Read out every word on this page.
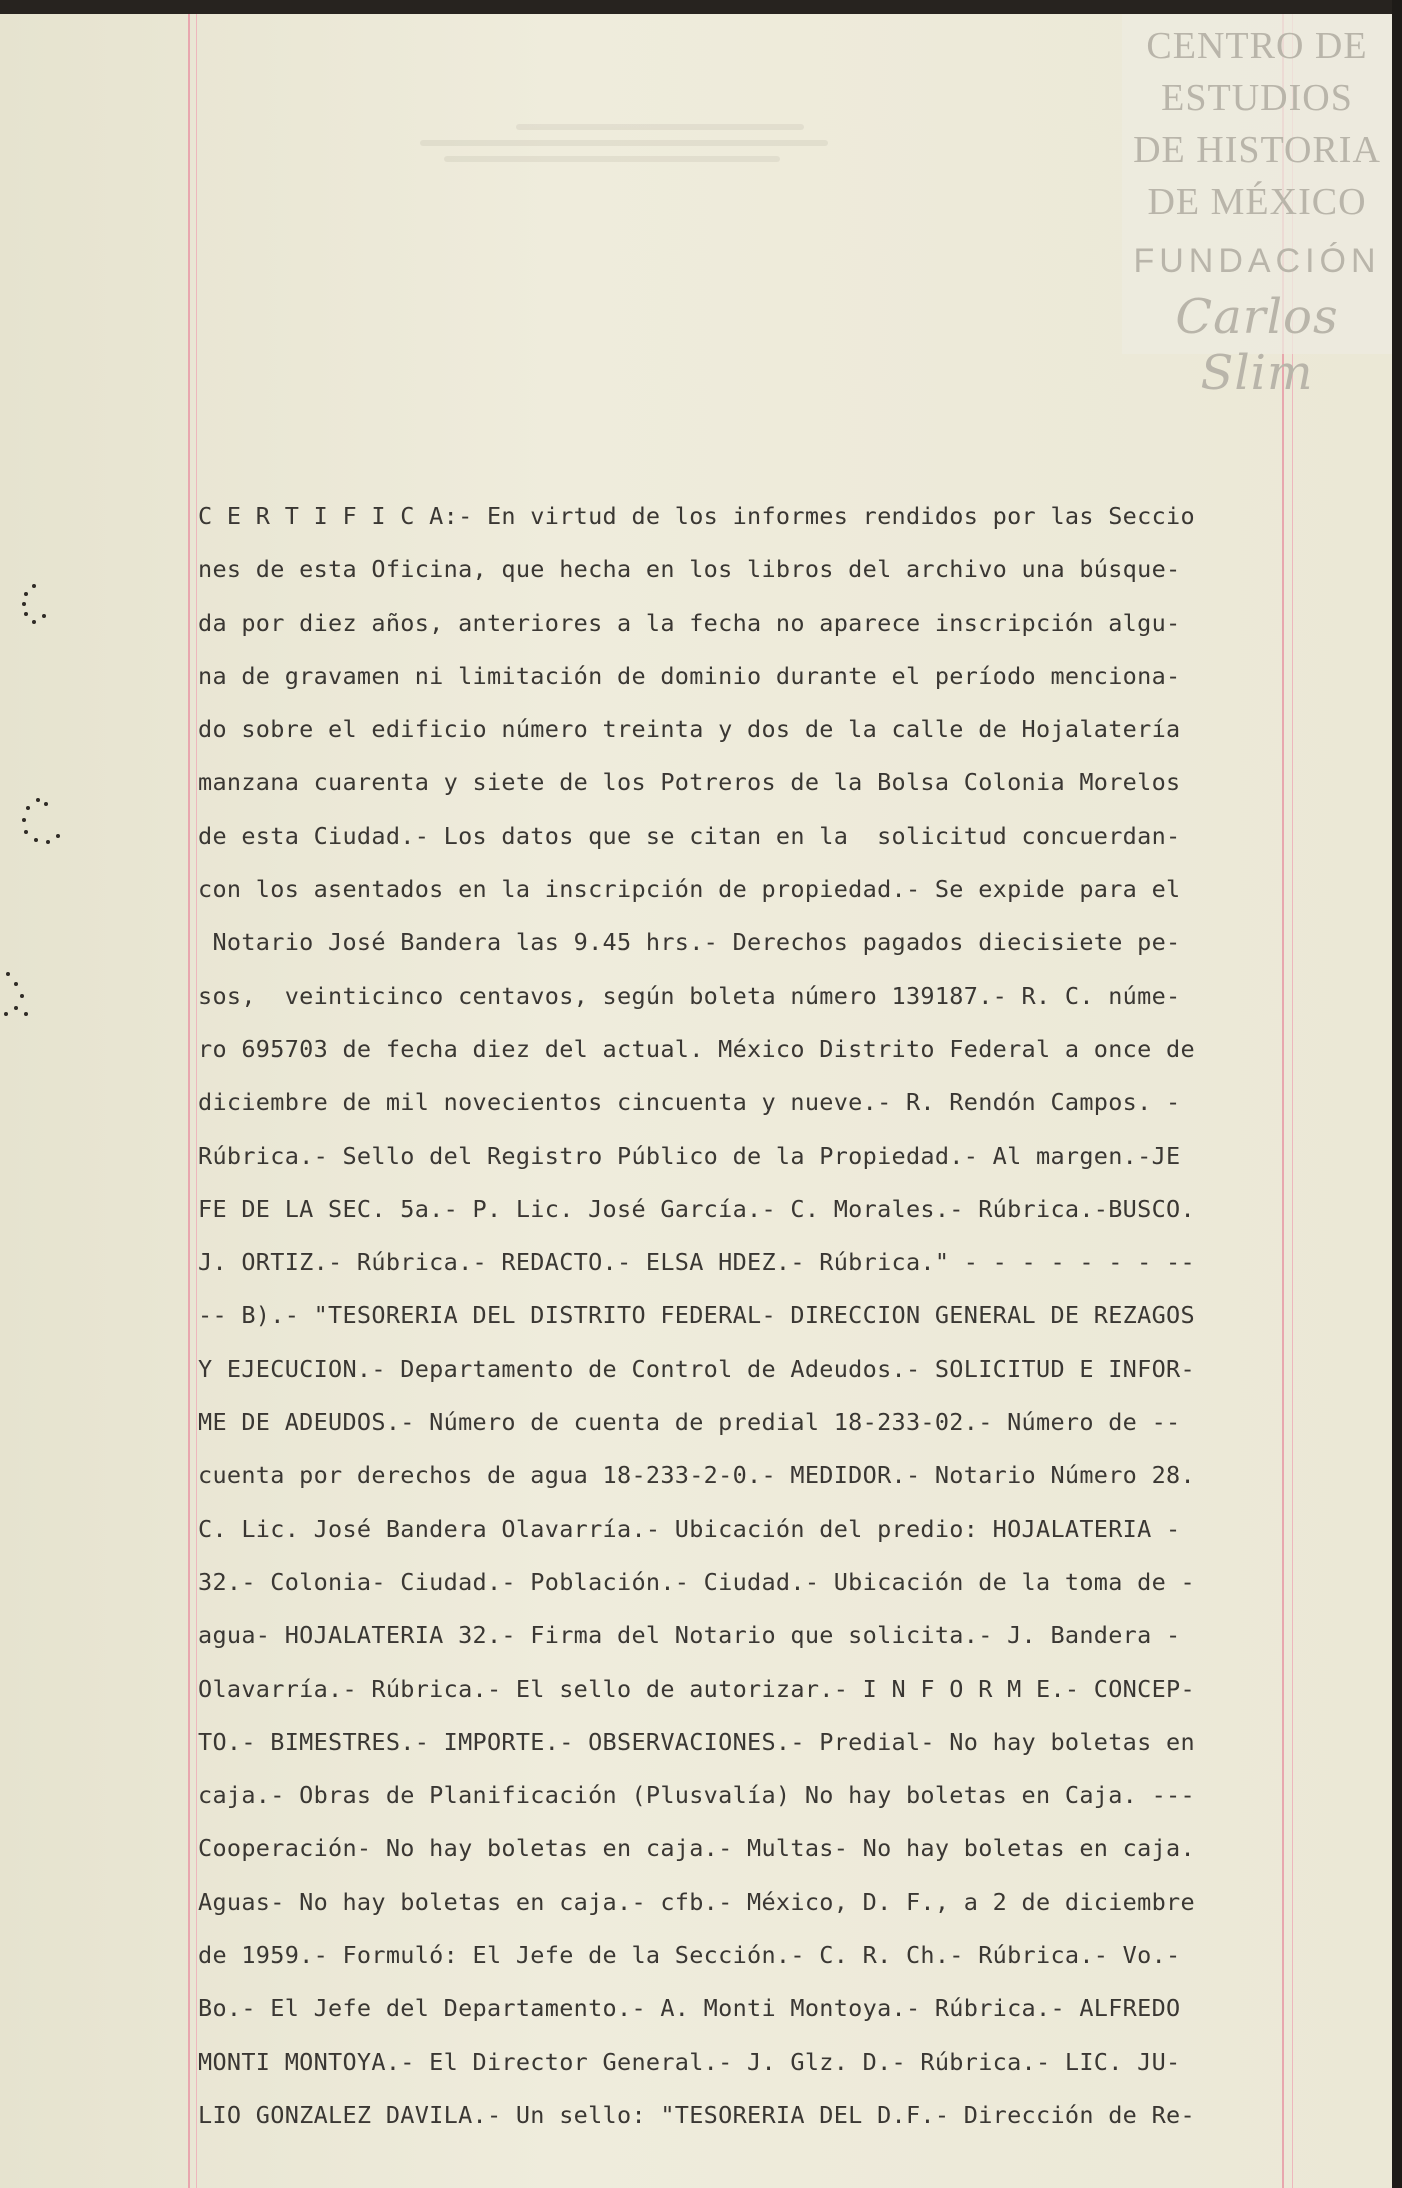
CENTRO DE
ESTUDIOS
DE HISTORIA
DE MÉXICO
FUNDACIÓN
Carlos Slim
C E R T I F I C A:- En virtud de los informes rendidos por las Seccio
nes de esta Oficina, que hecha en los libros del archivo una búsque-
da por diez años, anteriores a la fecha no aparece inscripción algu-
na de gravamen ni limitación de dominio durante el período menciona-
do sobre el edificio número treinta y dos de la calle de Hojalatería
manzana cuarenta y siete de los Potreros de la Bolsa Colonia Morelos
de esta Ciudad.- Los datos que se citan en la  solicitud concuerdan-
con los asentados en la inscripción de propiedad.- Se expide para el
Notario José Bandera las 9.45 hrs.- Derechos pagados diecisiete pe-
sos,  veinticinco centavos, según boleta número 139187.- R. C. núme-
ro 695703 de fecha diez del actual. México Distrito Federal a once de
diciembre de mil novecientos cincuenta y nueve.- R. Rendón Campos. -
Rúbrica.- Sello del Registro Público de la Propiedad.- Al margen.-JE
FE DE LA SEC. 5a.- P. Lic. José García.- C. Morales.- Rúbrica.-BUSCO.
J. ORTIZ.- Rúbrica.- REDACTO.- ELSA HDEZ.- Rúbrica." - - - - - - - --
-- B).- "TESORERIA DEL DISTRITO FEDERAL- DIRECCION GENERAL DE REZAGOS
Y EJECUCION.- Departamento de Control de Adeudos.- SOLICITUD E INFOR-
ME DE ADEUDOS.- Número de cuenta de predial 18-233-02.- Número de --
cuenta por derechos de agua 18-233-2-0.- MEDIDOR.- Notario Número 28.
C. Lic. José Bandera Olavarría.- Ubicación del predio: HOJALATERIA -
32.- Colonia- Ciudad.- Población.- Ciudad.- Ubicación de la toma de -
agua- HOJALATERIA 32.- Firma del Notario que solicita.- J. Bandera -
Olavarría.- Rúbrica.- El sello de autorizar.- I N F O R M E.- CONCEP-
TO.- BIMESTRES.- IMPORTE.- OBSERVACIONES.- Predial- No hay boletas en
caja.- Obras de Planificación (Plusvalía) No hay boletas en Caja. ---
Cooperación- No hay boletas en caja.- Multas- No hay boletas en caja.
Aguas- No hay boletas en caja.- cfb.- México, D. F., a 2 de diciembre
de 1959.- Formuló: El Jefe de la Sección.- C. R. Ch.- Rúbrica.- Vo.-
Bo.- El Jefe del Departamento.- A. Monti Montoya.- Rúbrica.- ALFREDO
MONTI MONTOYA.- El Director General.- J. Glz. D.- Rúbrica.- LIC. JU-
LIO GONZALEZ DAVILA.- Un sello: "TESORERIA DEL D.F.- Dirección de Re-
